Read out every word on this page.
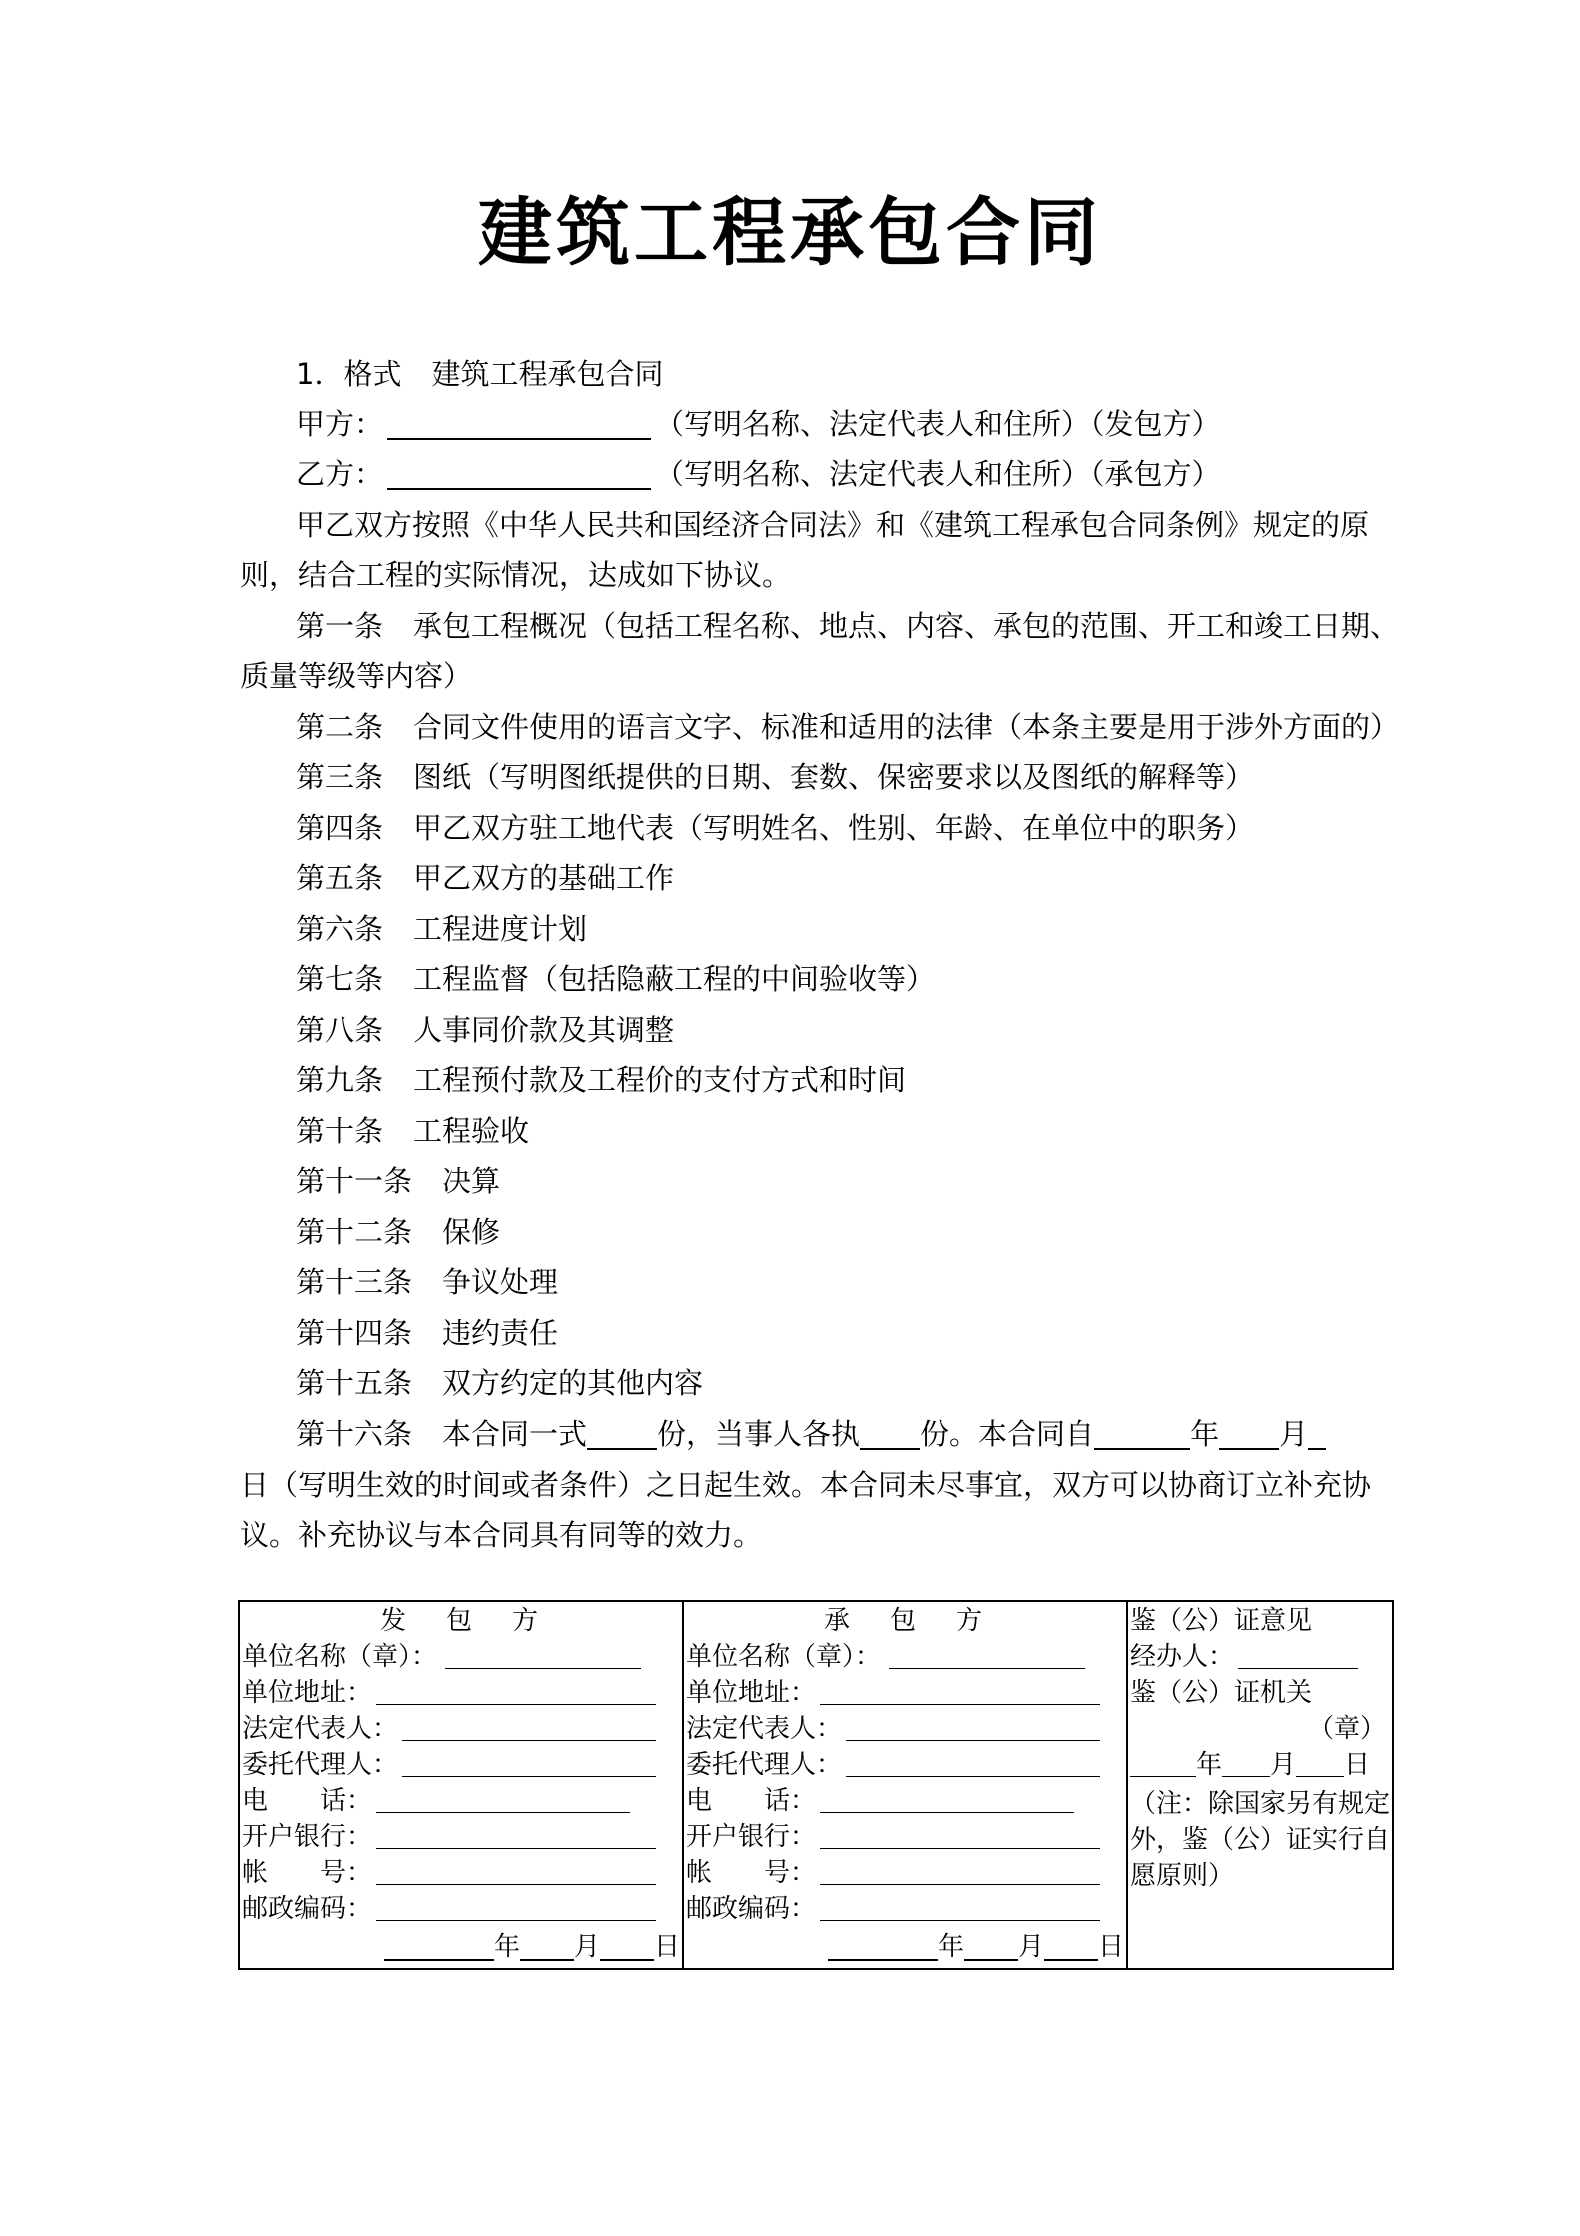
建筑工程承包合同
1．格式 建筑工程承包合同
甲方：	（写明名称、法定代表人和住所）（发包方）
乙方：	（写明名称、法定代表人和住所）（承包方）
甲乙双方按照《中华人民共和国经济合同法》和《建筑工程承包合同条例》规定的原
则，结合工程的实际情况，达成如下协议。
第一条 承包工程概况（包括工程名称、地点、内容、承包的范围、开工和竣工日期、
质量等级等内容）
第二条 合同文件使用的语言文字、标准和适用的法律（本条主要是用于涉外方面的）
第三条 图纸（写明图纸提供的日期、套数、保密要求以及图纸的解释等）
第四条 甲乙双方驻工地代表（写明姓名、性别、年龄、在单位中的职务）
第五条 甲乙双方的基础工作
第六条 工程进度计划
第七条 工程监督（包括隐蔽工程的中间验收等）
第八条 人事同价款及其调整
第九条 工程预付款及工程价的支付方式和时间
第十条 工程验收
第十一条 决算
第十二条 保修
第十三条 争议处理
第十四条 违约责任
第十五条 双方约定的其他内容
第十六条 本合同一式 份，当事人各执 份。本合同自	年 月
日（写明生效的时间或者条件）之日起生效。本合同未尽事宜，双方可以协商订立补充协
议。补充协议与本合同具有同等的效力。
发包方
单位名称（章）：
单位地址：
法定代表人：
委托代理人：
电　　话：
开户银行：
帐　　号：
邮政编码：
年 月 日
承包方
单位名称（章）：
单位地址：
法定代表人：
委托代理人：
电　　话：
开户银行：
帐　　号：
邮政编码：
年 月 日
鉴（公）证意见
经办人：
鉴（公）证机关
（章）
年 月 日
（注：除国家另有规定外，鉴（公）证实行自愿原则）
